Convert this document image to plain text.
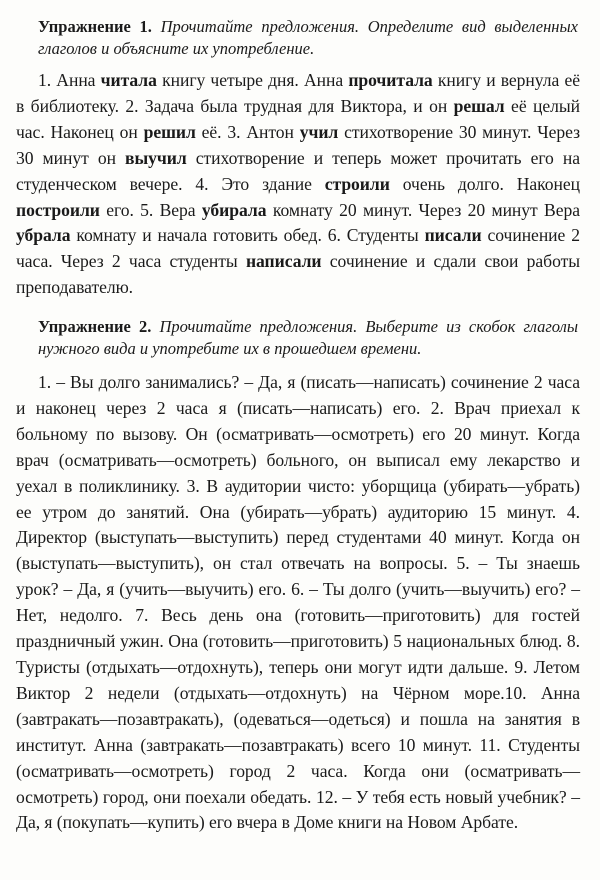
Упражнение 1. Прочитайте предложения. Определите вид выделенных глаголов и объясните их употребление.
1. Анна читала книгу четыре дня. Анна прочитала книгу и вернула её в библиотеку. 2. Задача была трудная для Виктора, и он решал её целый час. Наконец он решил её. 3. Антон учил стихотворение 30 минут. Через 30 минут он выучил стихотворение и теперь может прочитать его на студенческом вечере. 4. Это здание строили очень долго. Наконец построили его. 5. Вера убирала комнату 20 минут. Через 20 минут Вера убрала комнату и начала готовить обед. 6. Студенты писали сочинение 2 часа. Через 2 часа студенты написали сочинение и сдали свои работы преподавателю.
Упражнение 2. Прочитайте предложения. Выберите из скобок глаголы нужного вида и употребите их в прошедшем времени.
1. – Вы долго занимались? – Да, я (писать—написать) сочинение 2 часа и наконец через 2 часа я (писать—написать) его. 2. Врач приехал к больному по вызову. Он (осматривать—осмотреть) его 20 минут. Когда врач (осматривать—осмотреть) больного, он выписал ему лекарство и уехал в поликлинику. 3. В аудитории чисто: уборщица (убирать—убрать) ее утром до занятий. Она (убирать—убрать) аудиторию 15 минут. 4. Директор (выступать—выступить) перед студентами 40 минут. Когда он (выступать—выступить), он стал отвечать на вопросы. 5. – Ты знаешь урок? – Да, я (учить—выучить) его. 6. – Ты долго (учить—выучить) его? – Нет, недолго. 7. Весь день она (готовить—приготовить) для гостей праздничный ужин. Она (готовить—приготовить) 5 национальных блюд. 8. Туристы (отдыхать—отдохнуть), теперь они могут идти дальше. 9. Летом Виктор 2 недели (отдыхать—отдохнуть) на Чёрном море.10. Анна (завтракать—позавтракать), (одеваться—одеться) и пошла на занятия в институт. Анна (завтракать—позавтракать) всего 10 минут. 11. Студенты (осматривать—осмотреть) город 2 часа. Когда они (осматривать—осмотреть) город, они поехали обедать. 12. – У тебя есть новый учебник? – Да, я (покупать—купить) его вчера в Доме книги на Новом Арбате.
